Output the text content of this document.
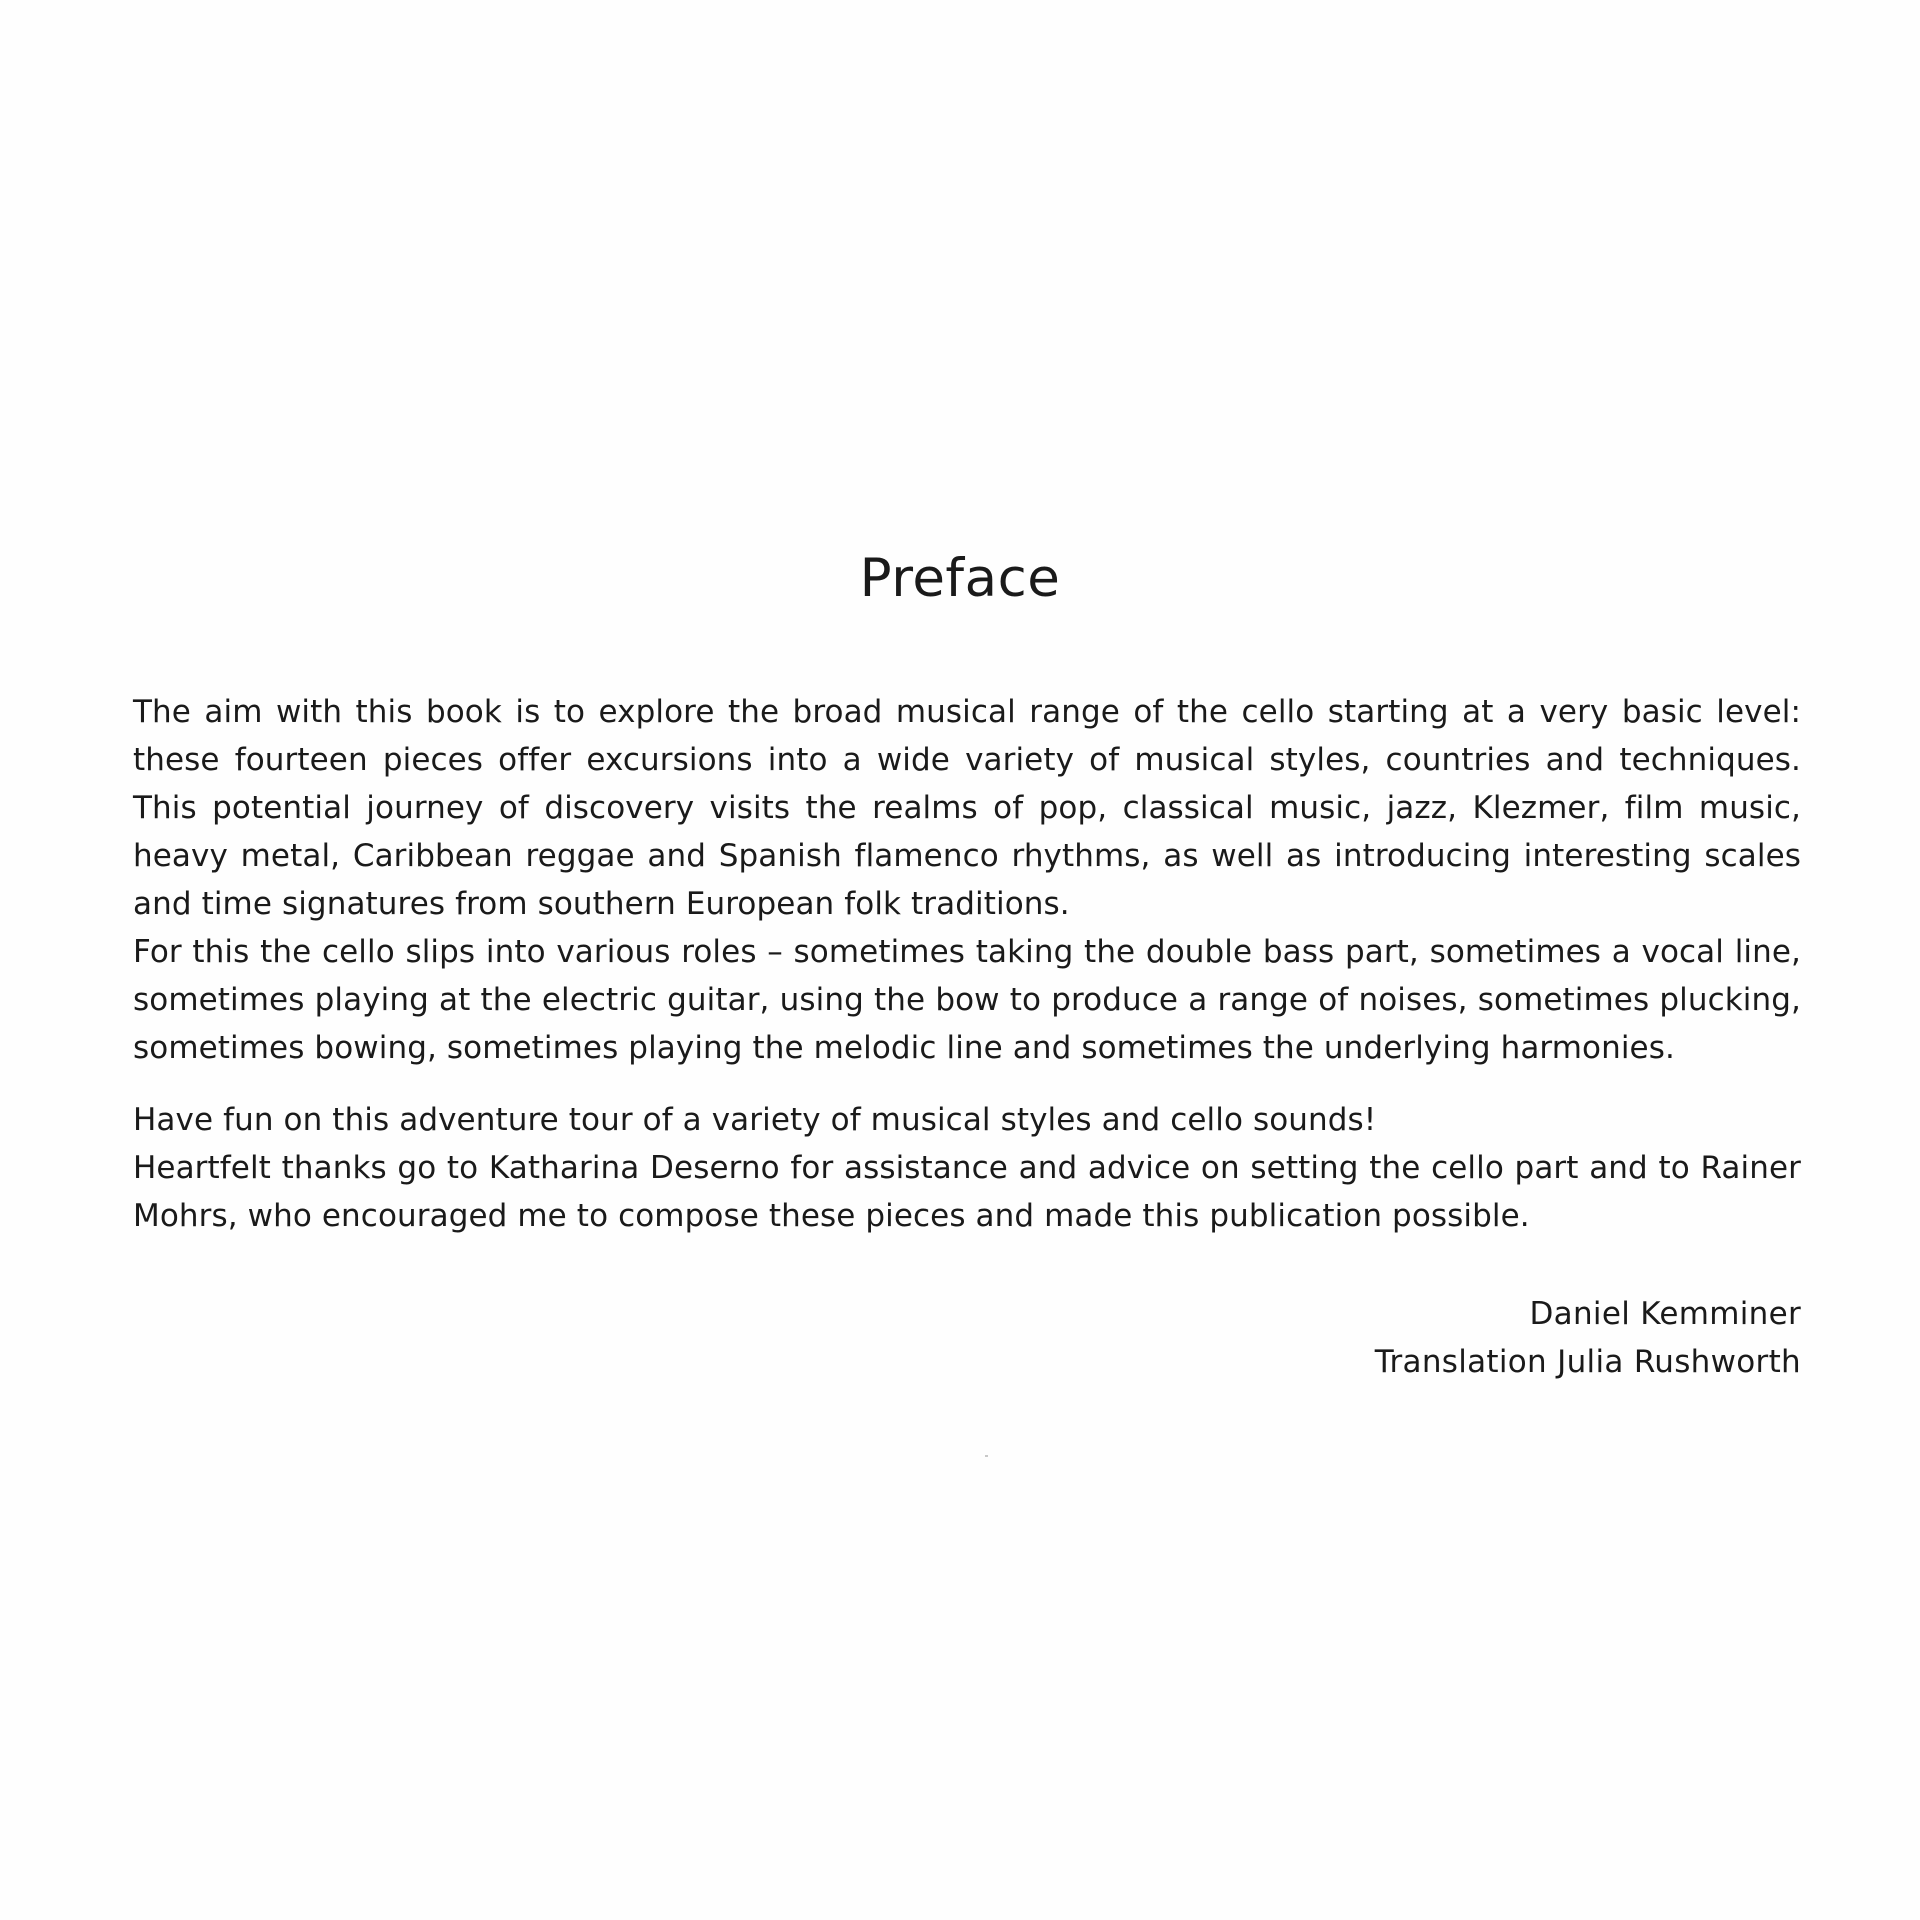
Preface

The aim with this book is to explore the broad musical range of the cello starting at a very basic level: these fourteen pieces offer excursions into a wide variety of musical styles, countries and techniques. This potential journey of discovery visits the realms of pop, classical music, jazz, Klezmer, film music, heavy metal, Caribbean reggae and Spanish flamenco rhythms, as well as introducing interesting scales and time signatures from southern European folk traditions.

For this the cello slips into various roles – sometimes taking the double bass part, sometimes a vocal line, sometimes playing at the electric guitar, using the bow to produce a range of noises, sometimes plucking, sometimes bowing, sometimes playing the melodic line and sometimes the underlying harmonies.

Have fun on this adventure tour of a variety of musical styles and cello sounds!

Heartfelt thanks go to Katharina Deserno for assistance and advice on setting the cello part and to Rainer Mohrs, who encouraged me to compose these pieces and made this publication possible.

Daniel Kemminer
Translation Julia Rushworth
